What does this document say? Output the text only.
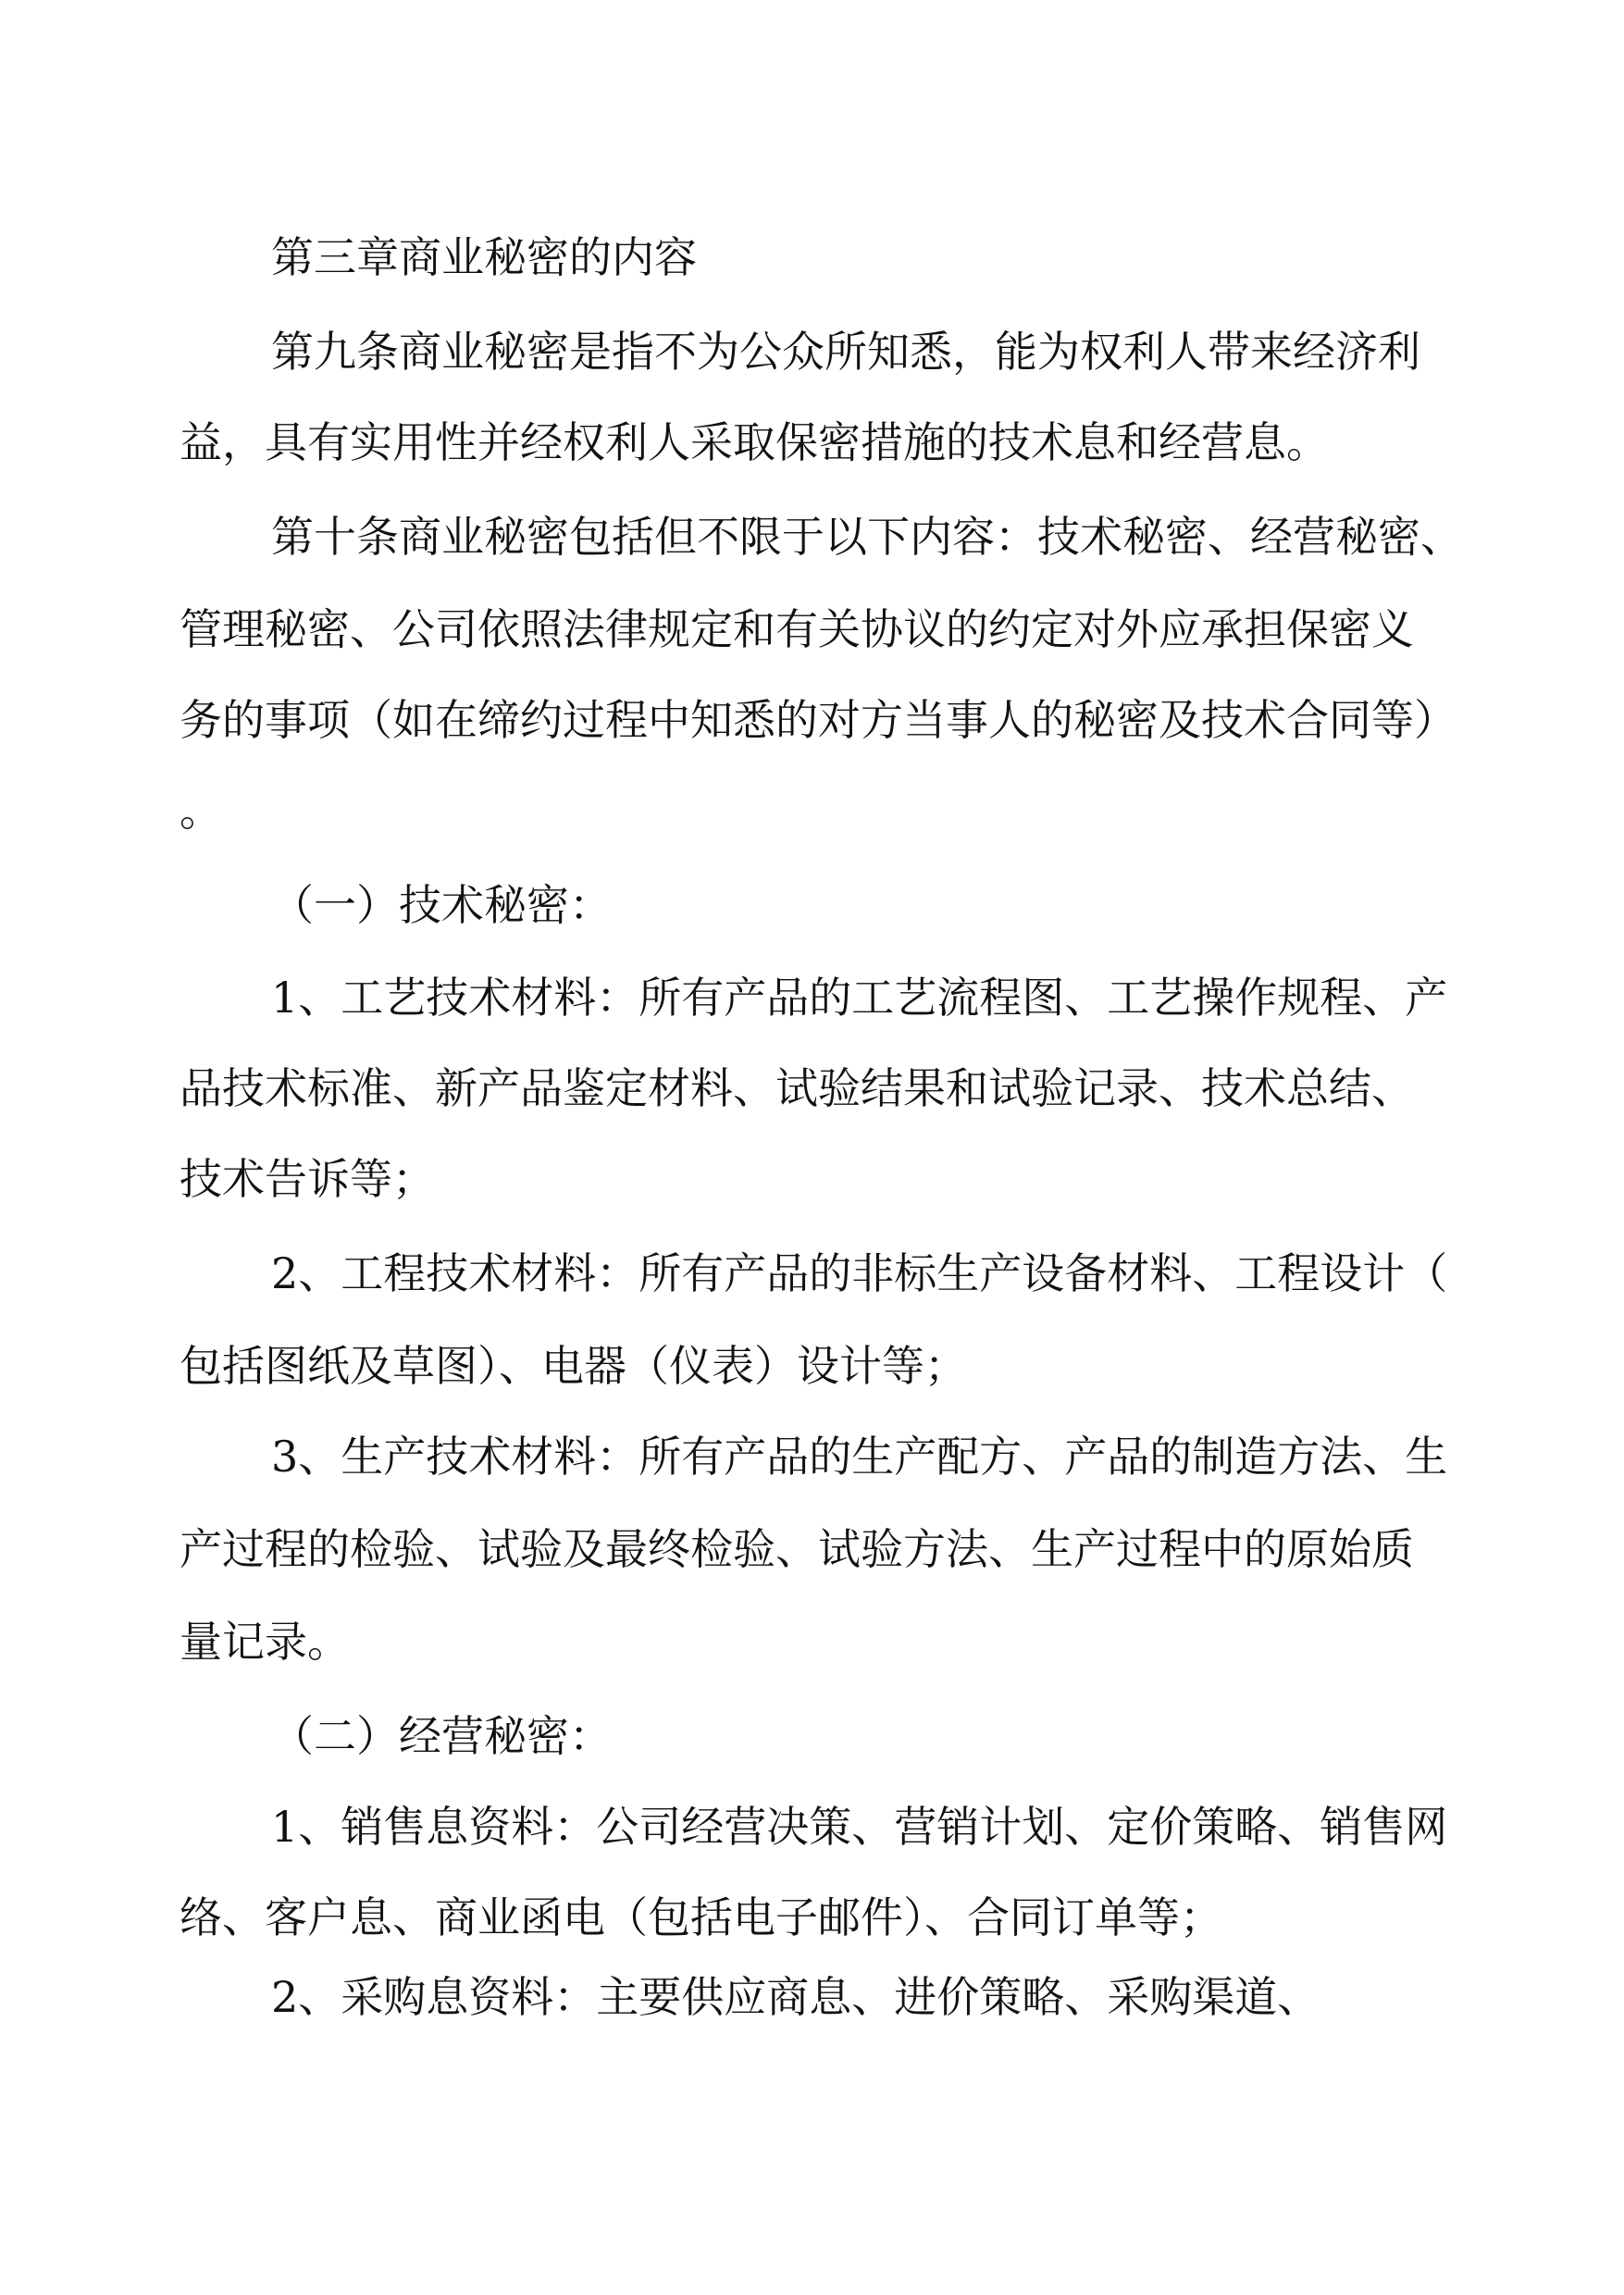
第三章商业秘密的内容
第九条商业秘密是指不为公众所知悉，能为权利人带来经济利
益，具有实用性并经权利人采取保密措施的技术息和经营息。
第十条商业秘密包括但不限于以下内容：技术秘密、经营秘密、
管理秘密、公司依照法律规定和有关协议的约定对外应承担保密义
务的事项（如在缔约过程中知悉的对方当事人的秘密及技术合同等）
。
（一）技术秘密：
1、工艺技术材料：所有产品的工艺流程图、工艺操作规程、产
品技术标准、新产品鉴定材料、试验结果和试验记录、技术总结、
技术告诉等；
2、工程技术材料：所有产品的非标生产设备材料、工程设计（
包括图纸及草图）、电器（仪表）设计等；
3、生产技术材料：所有产品的生产配方、产品的制造方法、生
产过程的检验、试验及最终检验、试验方法、生产过程中的原始质
量记录。
（二）经营秘密：
1、销售息资料：公司经营决策、营销计划、定价策略、销售网
络、客户息、商业函电（包括电子邮件）、合同订单等；
2、采购息资料：主要供应商息、进价策略、采购渠道、
